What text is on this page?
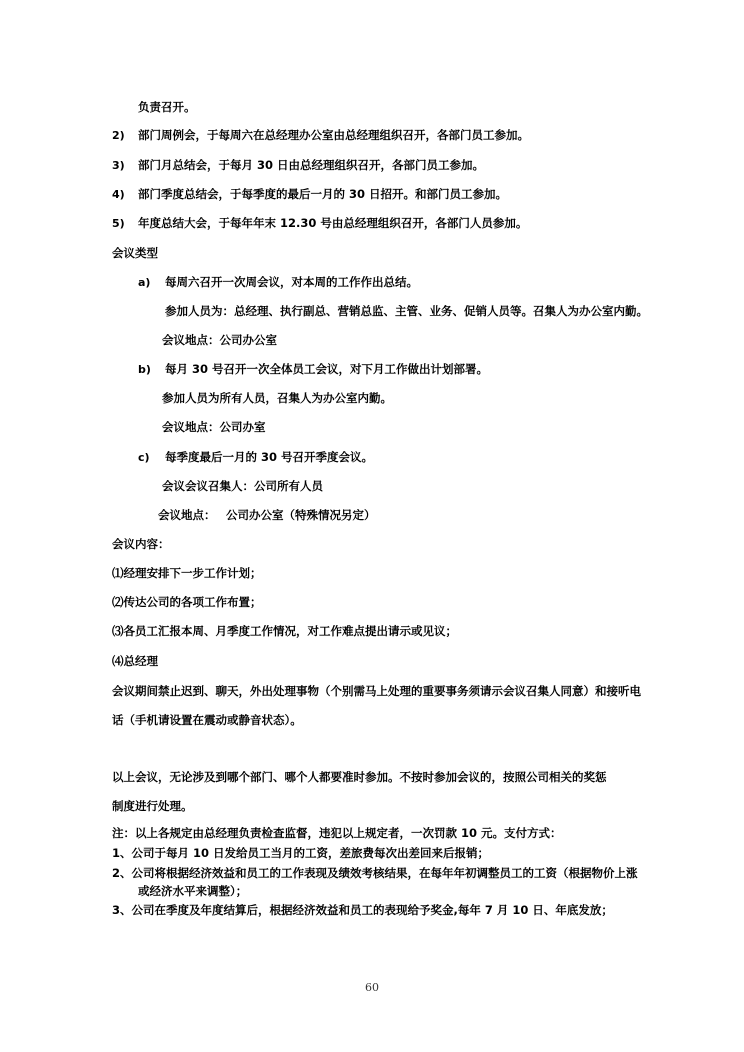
负责召开。
2) 部门周例会，于每周六在总经理办公室由总经理组织召开，各部门员工参加。
3) 部门月总结会，于每月 30 日由总经理组织召开，各部门员工参加。
4) 部门季度总结会，于每季度的最后一月的 30 日招开。和部门员工参加。
5) 年度总结大会，于每年年末 12.30 号由总经理组织召开，各部门人员参加。
会议类型
a) 每周六召开一次周会议，对本周的工作作出总结。
参加人员为：总经理、执行副总、营销总监、主管、业务、促销人员等。召集人为办公室内勤。
会议地点：公司办公室
b) 每月 30 号召开一次全体员工会议，对下月工作做出计划部署。
参加人员为所有人员，召集人为办公室内勤。
会议地点：公司办室
c) 每季度最后一月的 30 号召开季度会议。
会议会议召集人：公司所有人员
会议地点： 公司办公室（特殊情况另定）
会议内容：
⑴经理安排下一步工作计划；
⑵传达公司的各项工作布置；
⑶各员工汇报本周、月季度工作情况，对工作难点提出请示或见议；
⑷总经理
会议期间禁止迟到、聊天，外出处理事物（个别需马上处理的重要事务须请示会议召集人同意）和接听电
话（手机请设置在震动或静音状态）。
以上会议，无论涉及到哪个部门、哪个人都要准时参加。不按时参加会议的，按照公司相关的奖惩
制度进行处理。
注：以上各规定由总经理负责检查监督，违犯以上规定者，一次罚款 10 元。支付方式：
1、公司于每月 10 日发给员工当月的工资，差旅费每次出差回来后报销；
2、公司将根据经济效益和员工的工作表现及绩效考核结果，在每年年初调整员工的工资（根据物价上涨
或经济水平来调整）；
3、公司在季度及年度结算后，根据经济效益和员工的表现给予奖金,每年 7 月 10 日、年底发放；
60
